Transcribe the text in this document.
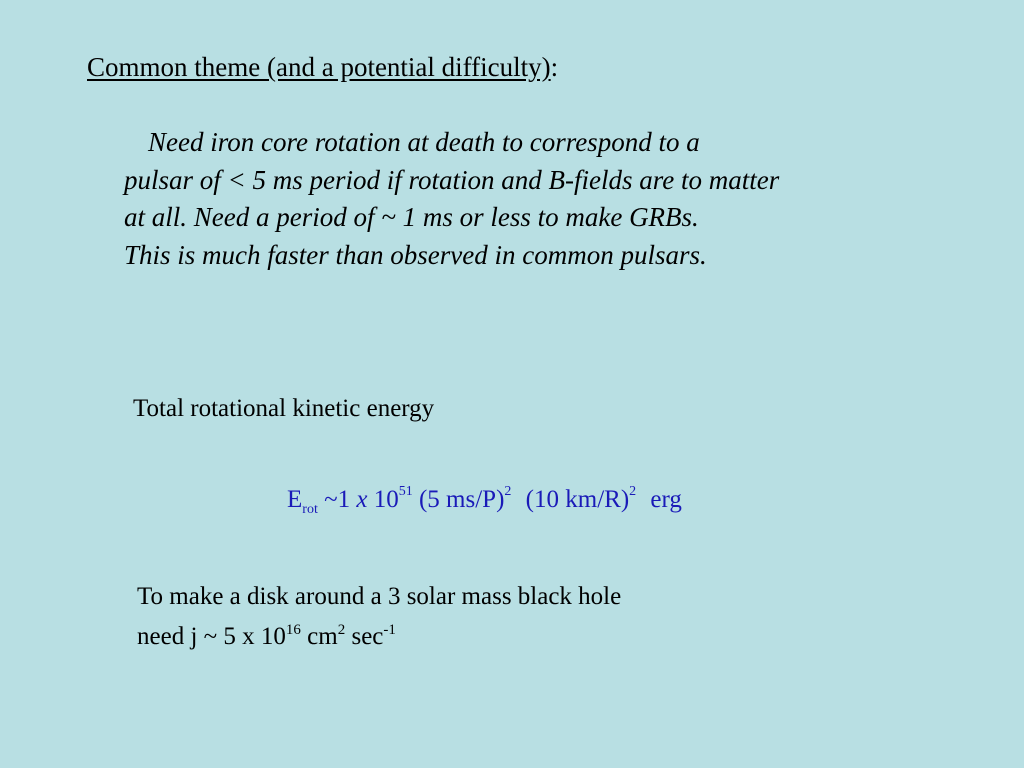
Common theme (and a potential difficulty):
Need iron core rotation at death to correspond to a
pulsar of < 5 ms period if rotation and B-fields are to matter
at all. Need a period of ~ 1 ms or less to make GRBs.
This is much faster than observed in common pulsars.
Total rotational kinetic energy
$E_{rot}$ ~1 x $10^{51}$ (5 ms/P)$^2$ (10 km/R)$^2$ erg
To make a disk around a 3 solar mass black hole
need j ~ 5 x $10^{16}$ $cm^2$ $\sec^{-1}$
